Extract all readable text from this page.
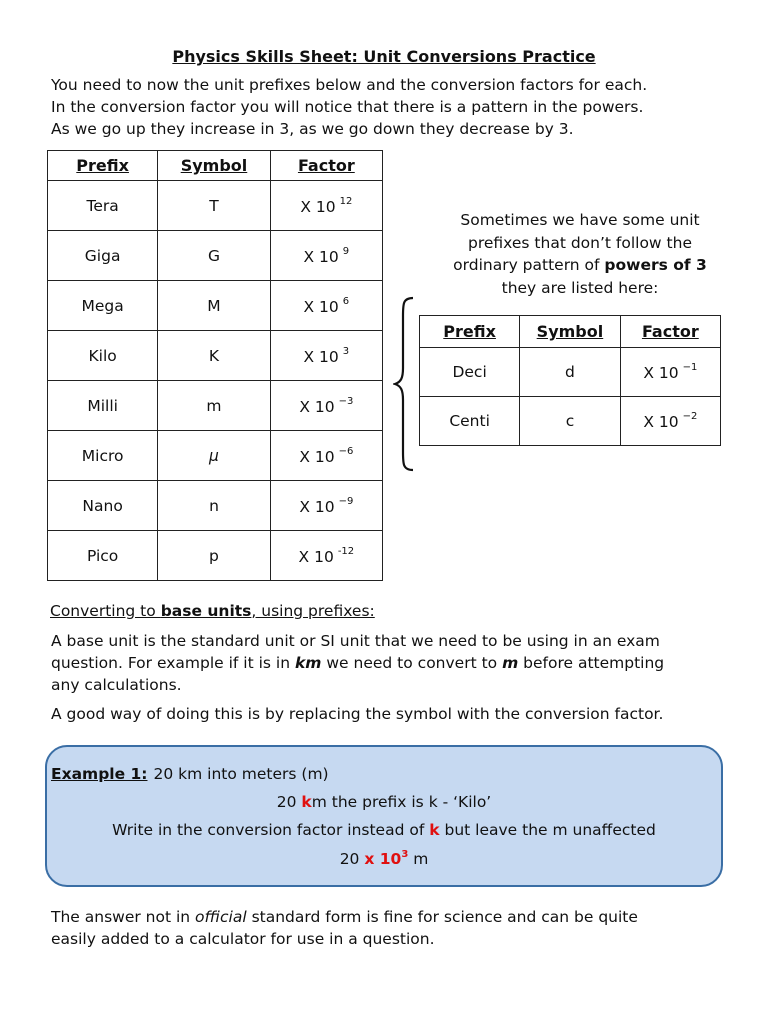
Physics Skills Sheet: Unit Conversions Practice
You need to now the unit prefixes below and the conversion factors for each.
In the conversion factor you will notice that there is a pattern in the powers.
As we go up they increase in 3, as we go down they decrease by 3.
Prefix	Symbol	Factor
Tera	T	X 10 $^{12}$
Giga	G	X 10 $^9$
Mega	M	X 10 $^6$
Kilo	K	X 10 $^3$
Milli	m	X 10 $^{-3}$
Micro	μ	X 10 $^{-6}$
Nano	n	X 10 $^{-9}$
Pico	p	X 10 $^{-12}$
Sometimes we have some unit
prefixes that don’t follow the
ordinary pattern of powers of 3
they are listed here:
Prefix	Symbol	Factor
Deci	d	X 10 $^{-1}$
Centi	c	X 10 $^{-2}$
Converting to base units, using prefixes:
A base unit is the standard unit or SI unit that we need to be using in an exam
question. For example if it is in km we need to convert to m before attempting
any calculations.
A good way of doing this is by replacing the symbol with the conversion factor.
Example 1: 20 km into meters (m)
20 km the prefix is k - ‘Kilo’
Write in the conversion factor instead of k but leave the m unaffected
20 x $10^3$ m
The answer not in official standard form is fine for science and can be quite
easily added to a calculator for use in a question.
